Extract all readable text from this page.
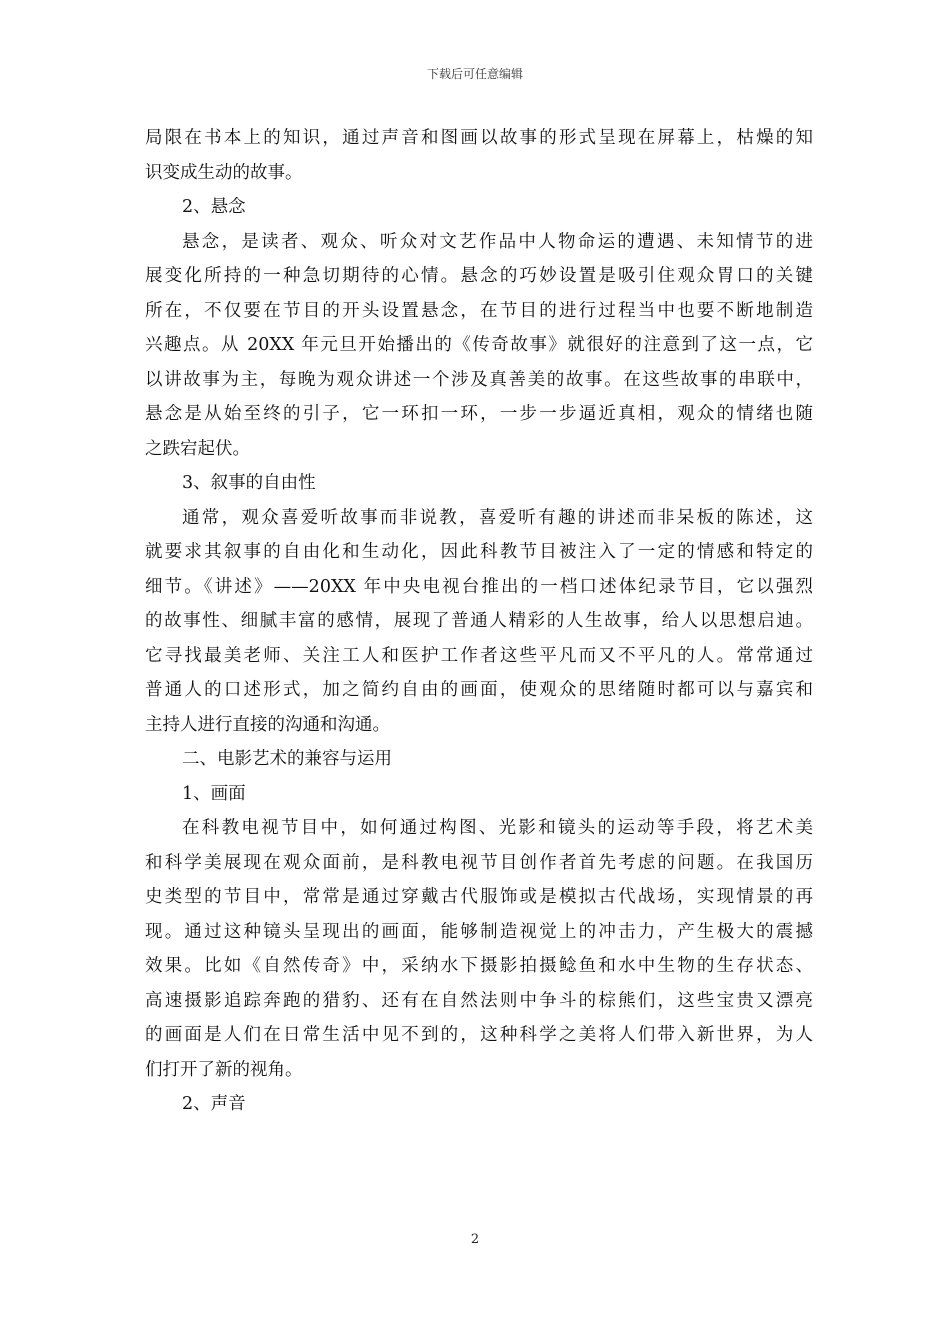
下载后可任意编辑
局限在书本上的知识，通过声音和图画以故事的形式呈现在屏幕上，枯燥的知
识变成生动的故事。
2、悬念
悬念，是读者、观众、听众对文艺作品中人物命运的遭遇、未知情节的进
展变化所持的一种急切期待的心情。悬念的巧妙设置是吸引住观众胃口的关键
所在，不仅要在节目的开头设置悬念，在节目的进行过程当中也要不断地制造
兴趣点。从 20XX 年元旦开始播出的《传奇故事》就很好的注意到了这一点，它
以讲故事为主，每晚为观众讲述一个涉及真善美的故事。在这些故事的串联中，
悬念是从始至终的引子，它一环扣一环，一步一步逼近真相，观众的情绪也随
之跌宕起伏。
3、叙事的自由性
通常，观众喜爱听故事而非说教，喜爱听有趣的讲述而非呆板的陈述，这
就要求其叙事的自由化和生动化，因此科教节目被注入了一定的情感和特定的
细节。《讲述》——20XX 年中央电视台推出的一档口述体纪录节目，它以强烈
的故事性、细腻丰富的感情，展现了普通人精彩的人生故事，给人以思想启迪。
它寻找最美老师、关注工人和医护工作者这些平凡而又不平凡的人。常常通过
普通人的口述形式，加之简约自由的画面，使观众的思绪随时都可以与嘉宾和
主持人进行直接的沟通和沟通。
二、电影艺术的兼容与运用
1、画面
在科教电视节目中，如何通过构图、光影和镜头的运动等手段，将艺术美
和科学美展现在观众面前，是科教电视节目创作者首先考虑的问题。在我国历
史类型的节目中，常常是通过穿戴古代服饰或是模拟古代战场，实现情景的再
现。通过这种镜头呈现出的画面，能够制造视觉上的冲击力，产生极大的震撼
效果。比如《自然传奇》中，采纳水下摄影拍摄鲶鱼和水中生物的生存状态、
高速摄影追踪奔跑的猎豹、还有在自然法则中争斗的棕熊们，这些宝贵又漂亮
的画面是人们在日常生活中见不到的，这种科学之美将人们带入新世界，为人
们打开了新的视角。
2、声音
2
